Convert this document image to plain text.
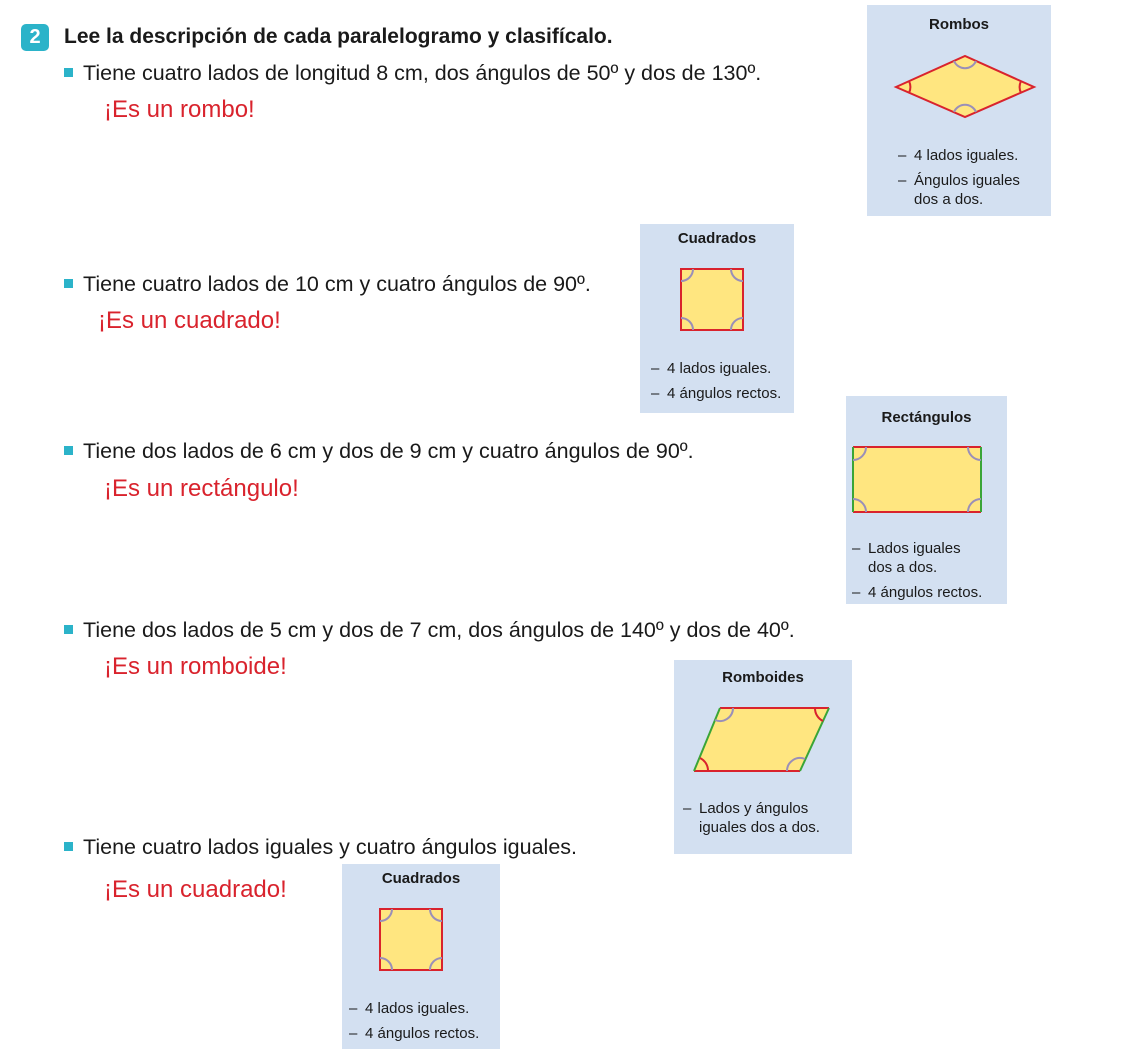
2	Lee la descripción de cada paralelogramo y clasifícalo.
Tiene cuatro lados de longitud 8 cm, dos ángulos de 50º y dos de 130º.
¡Es un rombo!
Tiene cuatro lados de 10 cm y cuatro ángulos de 90º.
¡Es un cuadrado!
Tiene dos lados de 6 cm y dos de 9 cm y cuatro ángulos de 90º.
¡Es un rectángulo!
Tiene dos lados de 5 cm y dos de 7 cm, dos ángulos de 140º y dos de 40º.
¡Es un romboide!
Tiene cuatro lados iguales y cuatro ángulos iguales.
¡Es un cuadrado!
Rombos
– 4 lados iguales.
– Ángulos iguales
dos a dos.
Cuadrados
– 4 lados iguales.
– 4 ángulos rectos.
Rectángulos
– Lados iguales
dos a dos.
– 4 ángulos rectos.
Romboides
– Lados y ángulos
iguales dos a dos.
Cuadrados
– 4 lados iguales.
– 4 ángulos rectos.
